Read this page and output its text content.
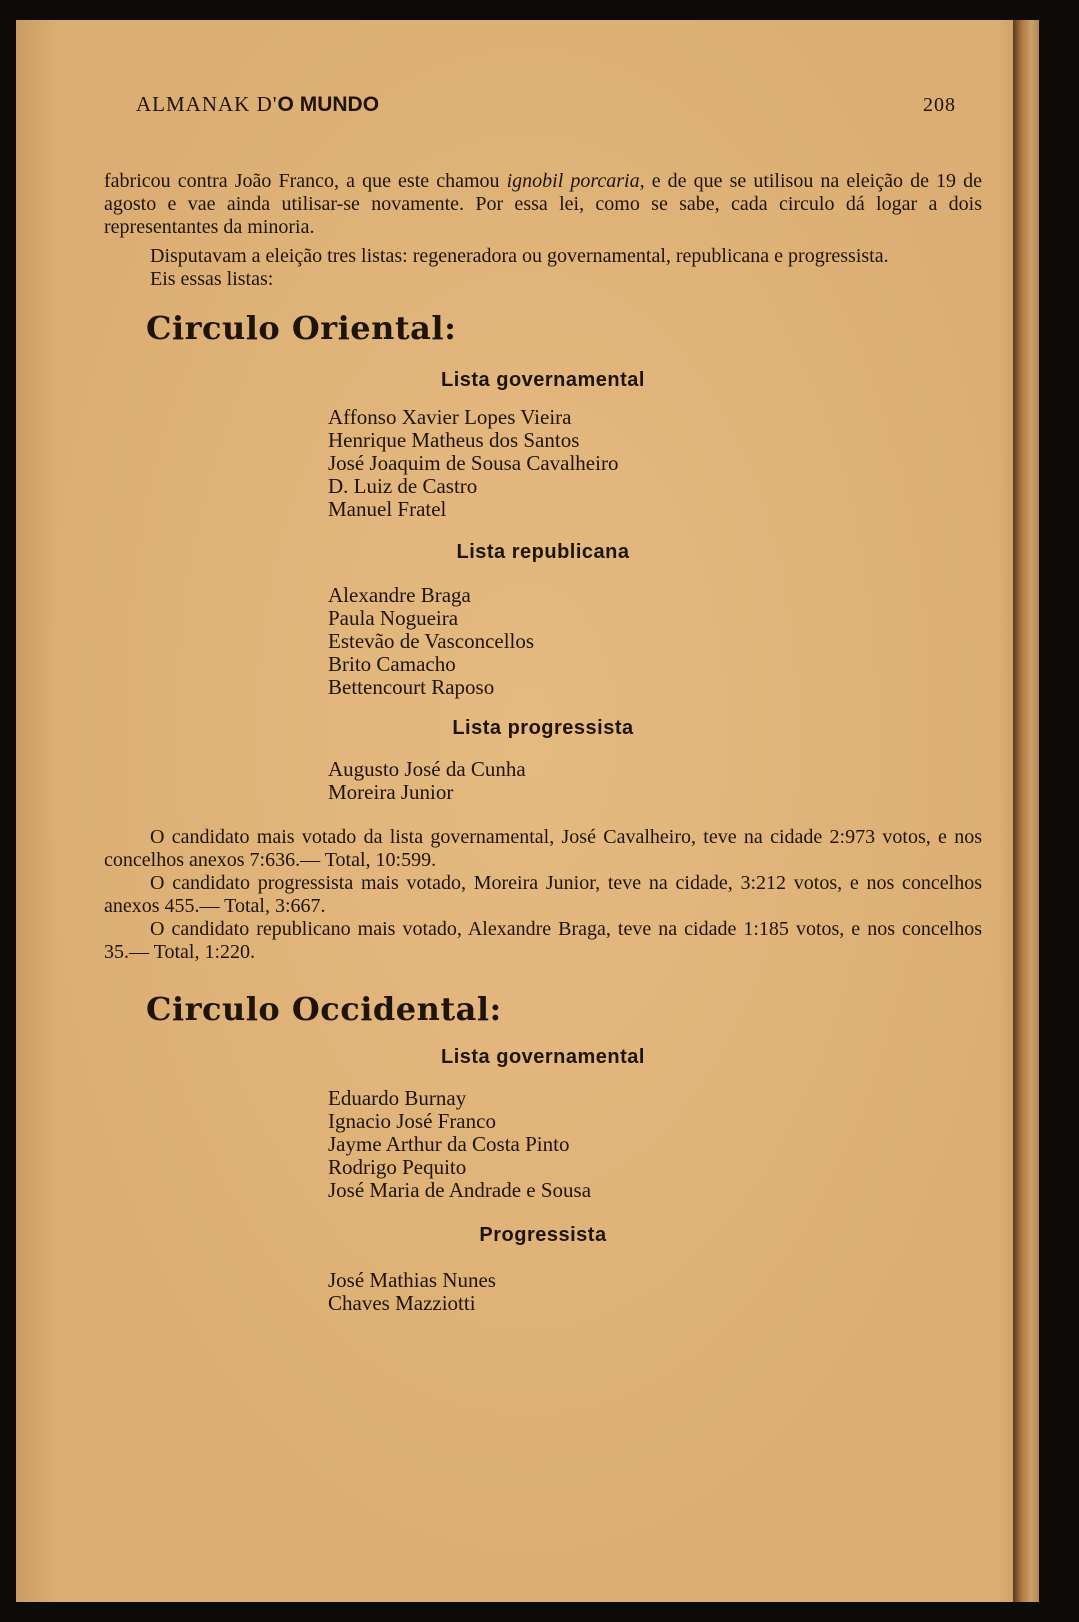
ALMANAK D'O MUNDO	208

fabricou contra João Franco, a que este chamou ignobil porcaria, e de que se utilisou na eleição de 19 de agosto e vae ainda utilisar-se novamente. Por essa lei, como se sabe, cada circulo dá logar a dois representantes da minoria.

Disputavam a eleição tres listas: regeneradora ou governamental, republicana e progressista.

Eis essas listas:

Circulo Oriental:
Lista governamental
Affonso Xavier Lopes Vieira
Henrique Matheus dos Santos
José Joaquim de Sousa Cavalheiro
D. Luiz de Castro
Manuel Fratel
Lista republicana
Alexandre Braga
Paula Nogueira
Estevão de Vasconcellos
Brito Camacho
Bettencourt Raposo
Lista progressista
Augusto José da Cunha
Moreira Junior

O candidato mais votado da lista governamental, José Cavalheiro, teve na cidade 2:973 votos, e nos concelhos anexos 7:636.— Total, 10:599.

O candidato progressista mais votado, Moreira Junior, teve na cidade, 3:212 votos, e nos concelhos anexos 455.— Total, 3:667.

O candidato republicano mais votado, Alexandre Braga, teve na cidade 1:185 votos, e nos concelhos 35.— Total, 1:220.

Circulo Occidental:
Lista governamental
Eduardo Burnay
Ignacio José Franco
Jayme Arthur da Costa Pinto
Rodrigo Pequito
José Maria de Andrade e Sousa
Progressista
José Mathias Nunes
Chaves Mazziotti
